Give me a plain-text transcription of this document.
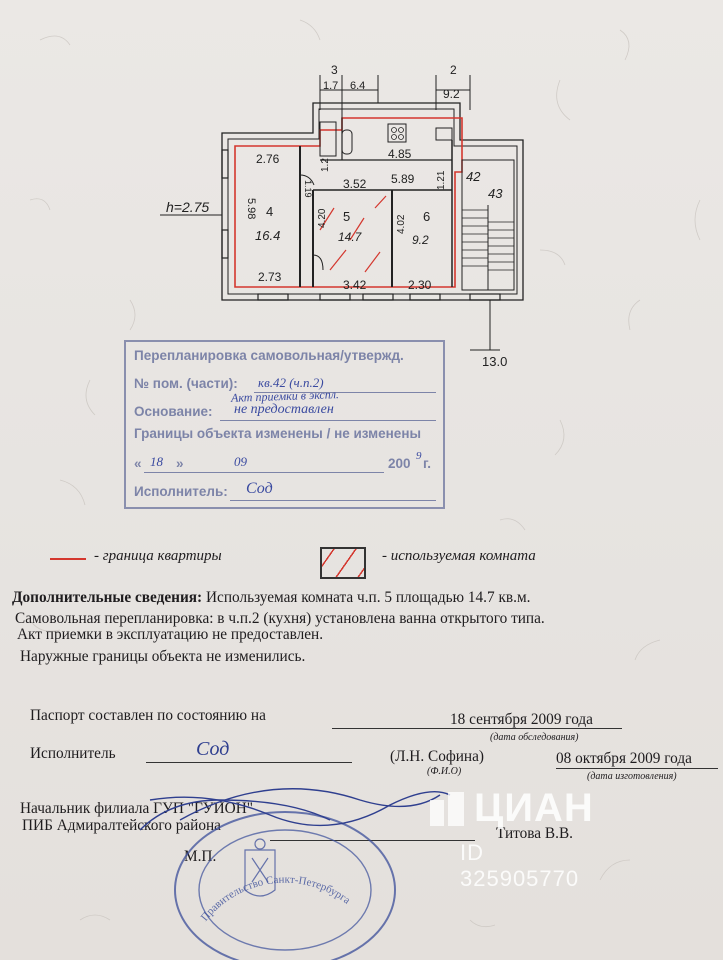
h=2.75
3
1.7 6.4
2
9.2
2.76
5.98 4
16.4
2.73
4.85
5.89
3.52
1.2
1.19	1.21
5
14.7
4.20
3.42
6
9.2
4.02
2.30
42
43
13.0
Перепланировка самовольная/утвержд.
№ пом. (части): кв.42 (ч.п.2)
Акт приемки в экспл.
Основание: не предоставлен
Границы объекта изменены / не изменены
« 18 »	09	200 9 г.
Исполнитель: Сод
- граница квартиры	- используемая комната
Дополнительные сведения: Используемая комната ч.п. 5 площадью 14.7 кв.м.
Самовольная перепланировка: в ч.п.2 (кухня) установлена ванна открытого типа.
Акт приемки в эксплуатацию не предоставлен.
Наружные границы объекта не изменились.
Паспорт составлен по состоянию на	18 сентября 2009 года
(дата обследования)
Исполнитель	Сод	(Л.Н. Софина)
(Ф.И.О)
08 октября 2009 года
(дата изготовления)
Начальник филиала ГУП "ГУИОН"
ПИБ Адмиралтейского района
М.П.
Титова В.В.
Правительство Санкт-Петербурга
ЦИАН
ID 325905770
